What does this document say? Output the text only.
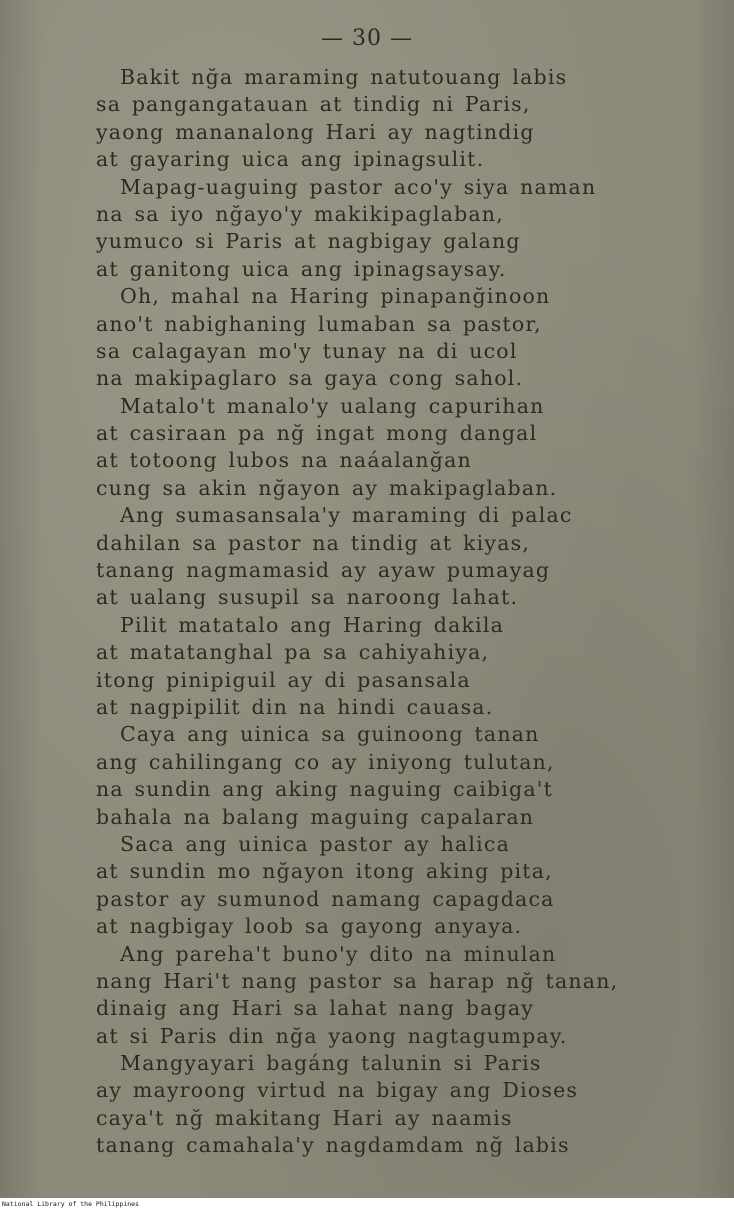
— 30 —
Bakit nğa maraming natutouang labis
sa pangangatauan at tindig ni Paris,
yaong mananalong Hari ay nagtindig
at gayaring uica ang ipinagsulit.
Mapag-uaguing pastor aco'y siya naman
na sa iyo nğayo'y makikipaglaban,
yumuco si Paris at nagbigay galang
at ganitong uica ang ipinagsaysay.
Oh, mahal na Haring pinapanğinoon
ano't nabighaning lumaban sa pastor,
sa calagayan mo'y tunay na di ucol
na makipaglaro sa gaya cong sahol.
Matalo't manalo'y ualang capurihan
at casiraan pa nğ ingat mong dangal
at totoong lubos na naáalanğan
cung sa akin nğayon ay makipaglaban.
Ang sumasansala'y maraming di palac
dahilan sa pastor na tindig at kiyas,
tanang nagmamasid ay ayaw pumayag
at ualang susupil sa naroong lahat.
Pilit matatalo ang Haring dakila
at matatanghal pa sa cahiyahiya,
itong pinipiguil ay di pasansala
at nagpipilit din na hindi cauasa.
Caya ang uinica sa guinoong tanan
ang cahilingang co ay iniyong tulutan,
na sundin ang aking naguing caibiga't
bahala na balang maguing capalaran
Saca ang uinica pastor ay halica
at sundin mo nğayon itong aking pita,
pastor ay sumunod namang capagdaca
at nagbigay loob sa gayong anyaya.
Ang pareha't buno'y dito na minulan
nang Hari't nang pastor sa harap nğ tanan,
dinaig ang Hari sa lahat nang bagay
at si Paris din nğa yaong nagtagumpay.
Mangyayari bagáng talunin si Paris
ay mayroong virtud na bigay ang Dioses
caya't nğ makitang Hari ay naamis
tanang camahala'y nagdamdam nğ labis
National Library of the Philippines
